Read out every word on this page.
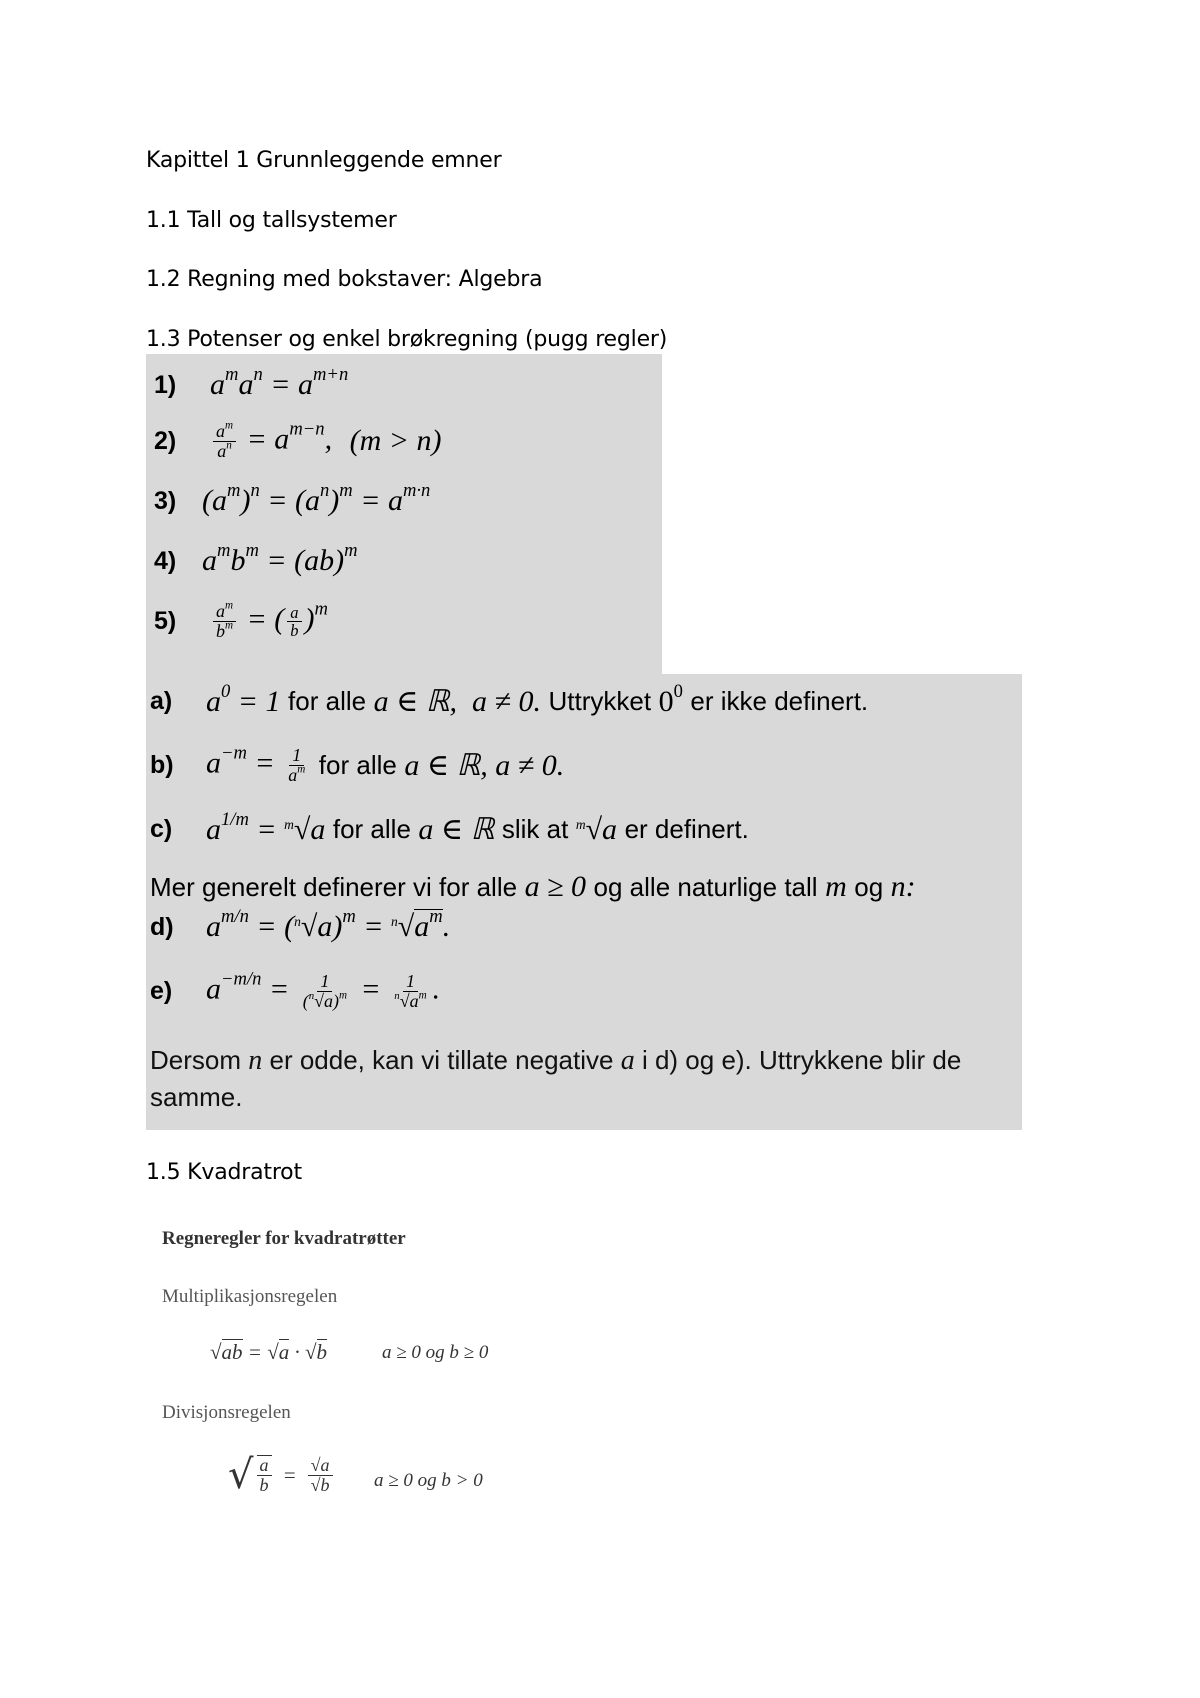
Kapittel 1 Grunnleggende emner
1.1 Tall og tallsystemer
1.2 Regning med bokstaver: Algebra
1.3 Potenser og enkel brøkregning (pugg regler)
1)	$a^ma^n = a^{m+n}$
2)	$\frac{a^m}{a^n} = a^{m-n}$, (m > n)
3) $(a^m)^n = (a^n)^m = a^{m\cdot n}$
4) $a^mb^m = (ab)^m$
5)	$\frac{a^m}{b^m}$ = ( $\frac{a}{b} )^m$
a)	$a^0 = 1$ for alle a ∈ ℝ,  a ≠ 0. Uttrykket $0^0$ er ikke definert.
b)	$a^{-m} = \frac{1}{a^m}$
for alle a ∈ ℝ, a ≠ 0.
c)	$a^{1/m} = ^m√a$ for alle a ∈ ℝ slik at $^m$√a er definert.
Mer generelt definerer vi for alle a ≥ 0 og alle naturlige tall m og n:
d)	$a^{m/n} = (^n√a)^m = ^n√a^m$.
e)	$a^{-m/n} = \frac{1}{(^n√a)^m} = \frac{1}{^n√a^m}$ .
Dersom n er odde, kan vi tillate negative a i d) og e). Uttrykkene blir de
samme.
1.5 Kvadratrot
Regneregler for kvadratrøtter
Multiplikasjonsregelen
√ab = √a · √b	a ≥ 0 og b ≥ 0
Divisjonsregelen
√ $\frac{a}{b} = \frac{√a}{√b}$ a ≥ 0 og b > 0
